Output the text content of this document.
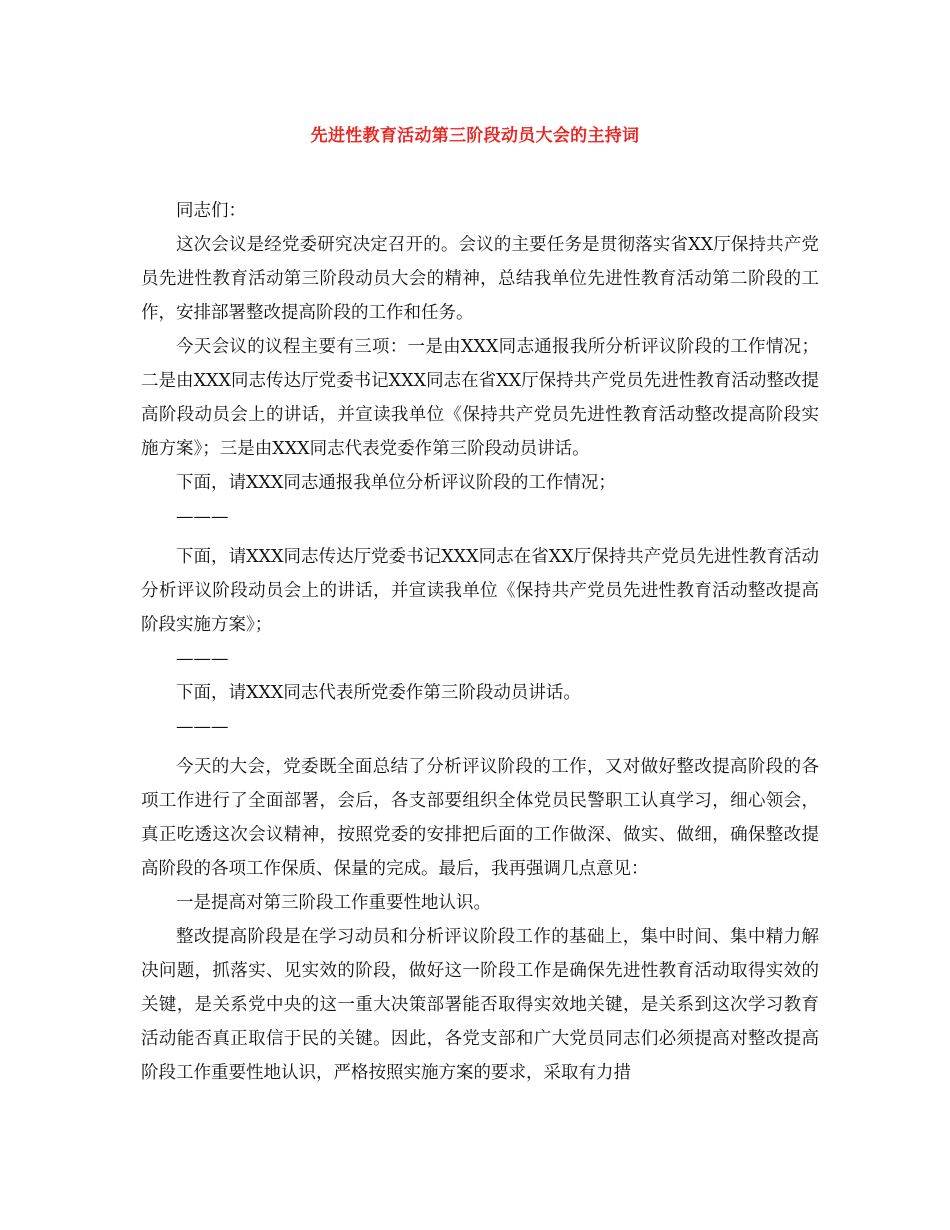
先进性教育活动第三阶段动员大会的主持词

同志们：

这次会议是经党委研究决定召开的。会议的主要任务是贯彻落实省XX厅保持共产党员先进性教育活动第三阶段动员大会的精神，总结我单位先进性教育活动第二阶段的工作，安排部署整改提高阶段的工作和任务。

今天会议的议程主要有三项：一是由XXX同志通报我所分析评议阶段的工作情况；二是由XXX同志传达厅党委书记XXX同志在省XX厅保持共产党员先进性教育活动整改提高阶段动员会上的讲话，并宣读我单位《保持共产党员先进性教育活动整改提高阶段实施方案》；三是由XXX同志代表党委作第三阶段动员讲话。

下面，请XXX同志通报我单位分析评议阶段的工作情况；

———

下面，请XXX同志传达厅党委书记XXX同志在省XX厅保持共产党员先进性教育活动分析评议阶段动员会上的讲话，并宣读我单位《保持共产党员先进性教育活动整改提高阶段实施方案》；

———

下面，请XXX同志代表所党委作第三阶段动员讲话。

———

今天的大会，党委既全面总结了分析评议阶段的工作，又对做好整改提高阶段的各项工作进行了全面部署，会后，各支部要组织全体党员民警职工认真学习，细心领会，真正吃透这次会议精神，按照党委的安排把后面的工作做深、做实、做细，确保整改提高阶段的各项工作保质、保量的完成。最后，我再强调几点意见：

一是提高对第三阶段工作重要性地认识。

整改提高阶段是在学习动员和分析评议阶段工作的基础上，集中时间、集中精力解决问题，抓落实、见实效的阶段，做好这一阶段工作是确保先进性教育活动取得实效的关键，是关系党中央的这一重大决策部署能否取得实效地关键，是关系到这次学习教育活动能否真正取信于民的关键。因此，各党支部和广大党员同志们必须提高对整改提高阶段工作重要性地认识，严格按照实施方案的要求，采取有力措
